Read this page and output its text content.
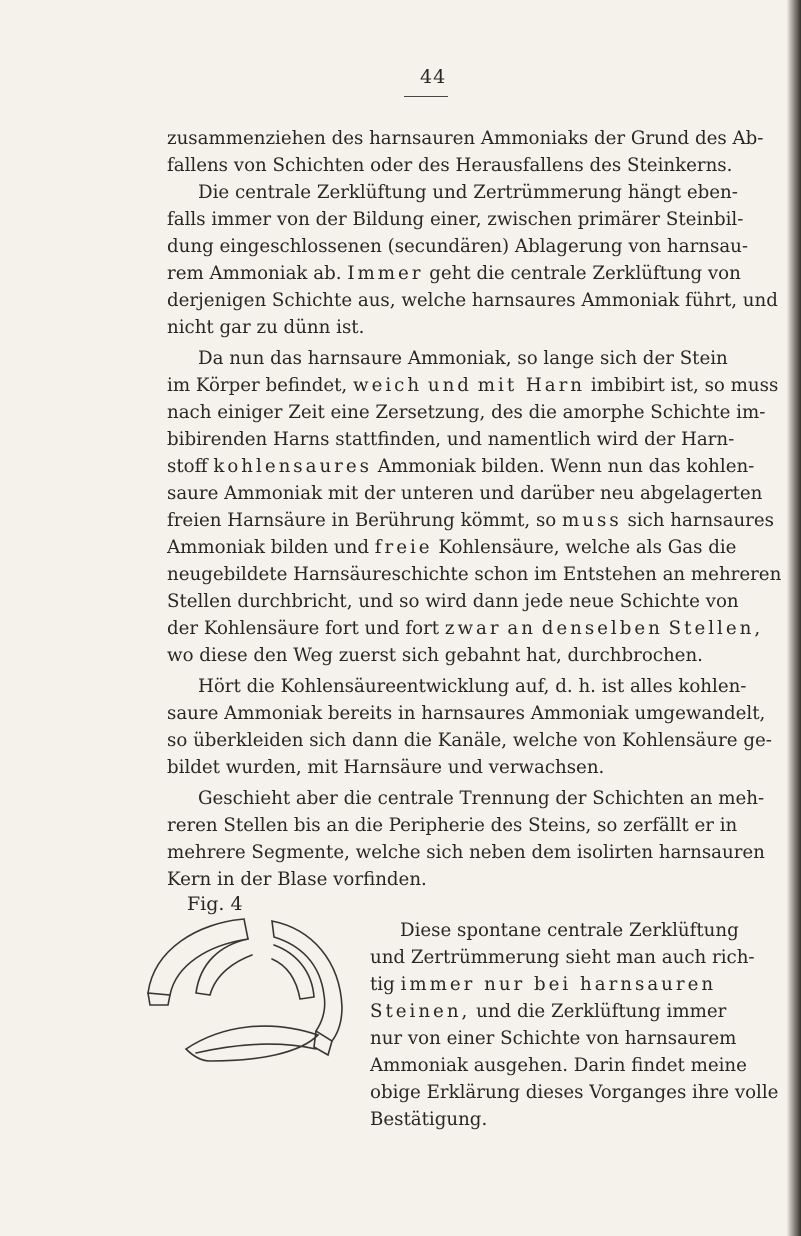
44
zusammenziehen des harnsauren Ammoniaks der Grund des Ab-
fallens von Schichten oder des Herausfallens des Steinkerns.
Die centrale Zerklüftung und Zertrümmerung hängt eben-
falls immer von der Bildung einer, zwischen primärer Steinbil-
dung eingeschlossenen (secundären) Ablagerung von harnsau-
rem Ammoniak ab. Immer geht die centrale Zerklüftung von
derjenigen Schichte aus, welche harnsaures Ammoniak führt, und
nicht gar zu dünn ist.
Da nun das harnsaure Ammoniak, so lange sich der Stein
im Körper befindet, weich und mit Harn imbibirt ist, so muss
nach einiger Zeit eine Zersetzung, des die amorphe Schichte im-
bibirenden Harns stattfinden, und namentlich wird der Harn-
stoff kohlensaures Ammoniak bilden. Wenn nun das kohlen-
saure Ammoniak mit der unteren und darüber neu abgelagerten
freien Harnsäure in Berührung kömmt, so muss sich harnsaures
Ammoniak bilden und freie Kohlensäure, welche als Gas die
neugebildete Harnsäureschichte schon im Entstehen an mehreren
Stellen durchbricht, und so wird dann jede neue Schichte von
der Kohlensäure fort und fort zwar an denselben Stellen,
wo diese den Weg zuerst sich gebahnt hat, durchbrochen.
Hört die Kohlensäureentwicklung auf, d. h. ist alles kohlen-
saure Ammoniak bereits in harnsaures Ammoniak umgewandelt,
so überkleiden sich dann die Kanäle, welche von Kohlensäure ge-
bildet wurden, mit Harnsäure und verwachsen.
Geschieht aber die centrale Trennung der Schichten an meh-
reren Stellen bis an die Peripherie des Steins, so zerfällt er in
mehrere Segmente, welche sich neben dem isolirten harnsauren
Kern in der Blase vorfinden.
Fig. 4
Diese spontane centrale Zerklüftung
und Zertrümmerung sieht man auch rich-
tig immer nur bei harnsauren
Steinen, und die Zerklüftung immer
nur von einer Schichte von harnsaurem
Ammoniak ausgehen. Darin findet meine
obige Erklärung dieses Vorganges ihre volle
Bestätigung.
